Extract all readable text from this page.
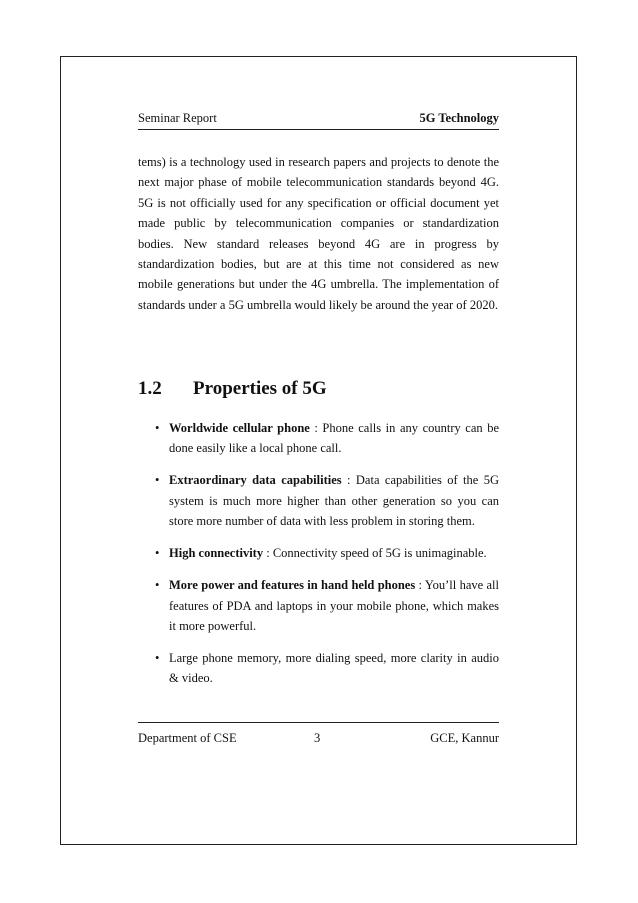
Seminar Report	5G Technology

tems) is a technology used in research papers and projects to denote the next major phase of mobile telecommunication standards beyond 4G. 5G is not officially used for any specification or official document yet made public by telecommunication companies or standardization bodies. New standard releases beyond 4G are in progress by standardization bodies, but are at this time not considered as new mobile generations but under the 4G umbrella. The implementation of standards under a 5G umbrella would likely be around the year of 2020.

1.2 Properties of 5G
• Worldwide cellular phone : Phone calls in any country can be done easily like a local phone call.
• Extraordinary data capabilities : Data capabilities of the 5G system is much more higher than other generation so you can store more number of data with less problem in storing them.
• High connectivity : Connectivity speed of 5G is unimaginable.
• More power and features in hand held phones : You’ll have all features of PDA and laptops in your mobile phone, which makes it more powerful.
• Large phone memory, more dialing speed, more clarity in audio & video.
Department of CSE	3	GCE, Kannur
